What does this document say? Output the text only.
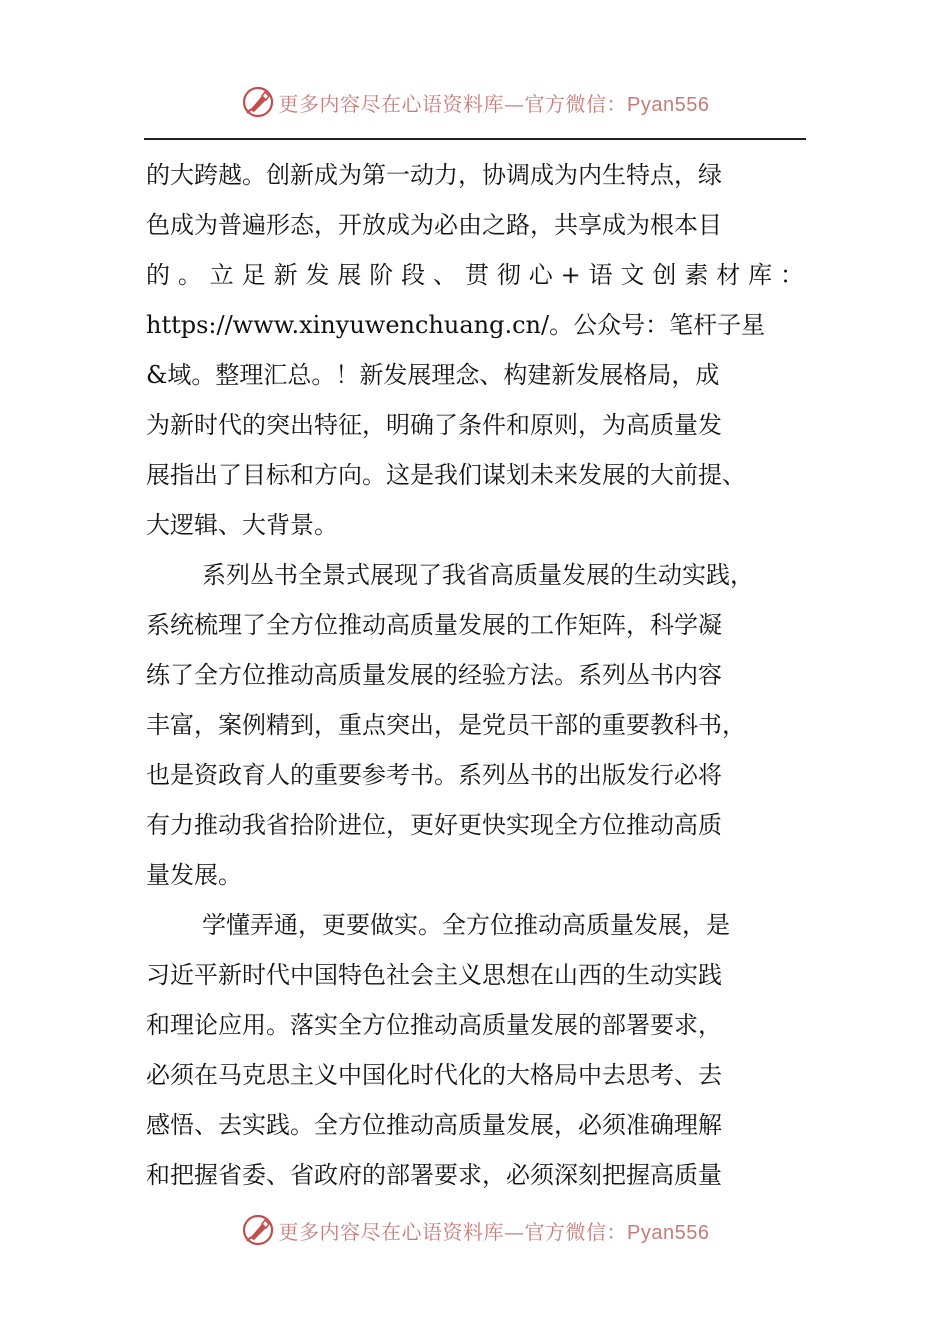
更多内容尽在心语资料库—官方微信：Pyan556
的大跨越。创新成为第一动力，协调成为内生特点，绿
色成为普遍形态，开放成为必由之路，共享成为根本目
的。立足新发展阶段、贯彻心+语文创素材库：
https://www.xinyuwenchuang.cn/。公众号：笔杆子星
&域。整理汇总。！新发展理念、构建新发展格局，成
为新时代的突出特征，明确了条件和原则，为高质量发
展指出了目标和方向。这是我们谋划未来发展的大前提、
大逻辑、大背景。
系列丛书全景式展现了我省高质量发展的生动实践，
系统梳理了全方位推动高质量发展的工作矩阵，科学凝
练了全方位推动高质量发展的经验方法。系列丛书内容
丰富，案例精到，重点突出，是党员干部的重要教科书，
也是资政育人的重要参考书。系列丛书的出版发行必将
有力推动我省拾阶进位，更好更快实现全方位推动高质
量发展。
学懂弄通，更要做实。全方位推动高质量发展，是
习近平新时代中国特色社会主义思想在山西的生动实践
和理论应用。落实全方位推动高质量发展的部署要求，
必须在马克思主义中国化时代化的大格局中去思考、去
感悟、去实践。全方位推动高质量发展，必须准确理解
和把握省委、省政府的部署要求，必须深刻把握高质量
更多内容尽在心语资料库—官方微信：Pyan556
